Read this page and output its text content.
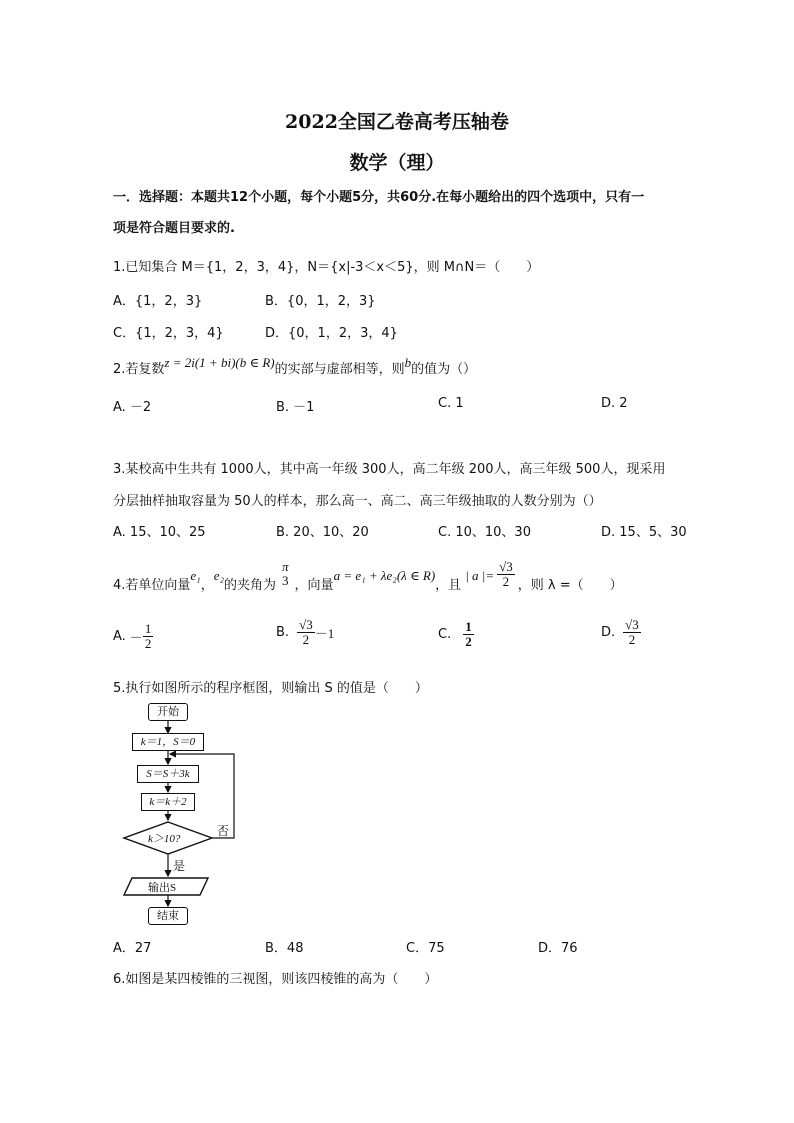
2022全国乙卷高考压轴卷
数学（理）
一．选择题：本题共12个小题，每个小题5分，共60分.在每小题给出的四个选项中，只有一
项是符合题目要求的.
1.已知集合 M＝{1，2，3，4}，N＝{x|-3＜x＜5}，则 M∩N＝（　　）
A．{1，2，3}	B．{0，1，2，3}
C．{1，2，3，4}	D．{0，1，2，3，4}
2.若复数z = 2i(1 + bi)(b ∈ R)的实部与虚部相等，则b的值为（）
A. －2	B. －1	C. 1	D. 2
3.某校高中生共有 1000人，其中高一年级 300人，高二年级 200人，高三年级 500人，现采用
分层抽样抽取容量为 50人的样本，那么高一、高二、高三年级抽取的人数分别为（）
A. 15、10、25	B. 20、10、20	C. 10、10、30	D. 15、5、30
4.若单位向量
e₁
，
e₂
的夹角为
π
3 ，向量
a = e₁ + λe₂(λ ∈ R)
，且
| a |= $\frac{√3}{2}$ ，则 λ =（　　）
A. － $\frac{1}{2}$	B. $\frac{√3}{2} -1$	C. $\frac{1}{2}$	D. $\frac{√3}{2}$
5.执行如图所示的程序框图，则输出 S 的值是（　　）
开始
k＝1，S＝0
S＝S＋3k
k＝k＋2
k＞10?
否
是
输出S
结束
A．27	B．48	C．75	D．76
6.如图是某四棱锥的三视图，则该四棱锥的高为（　　）
